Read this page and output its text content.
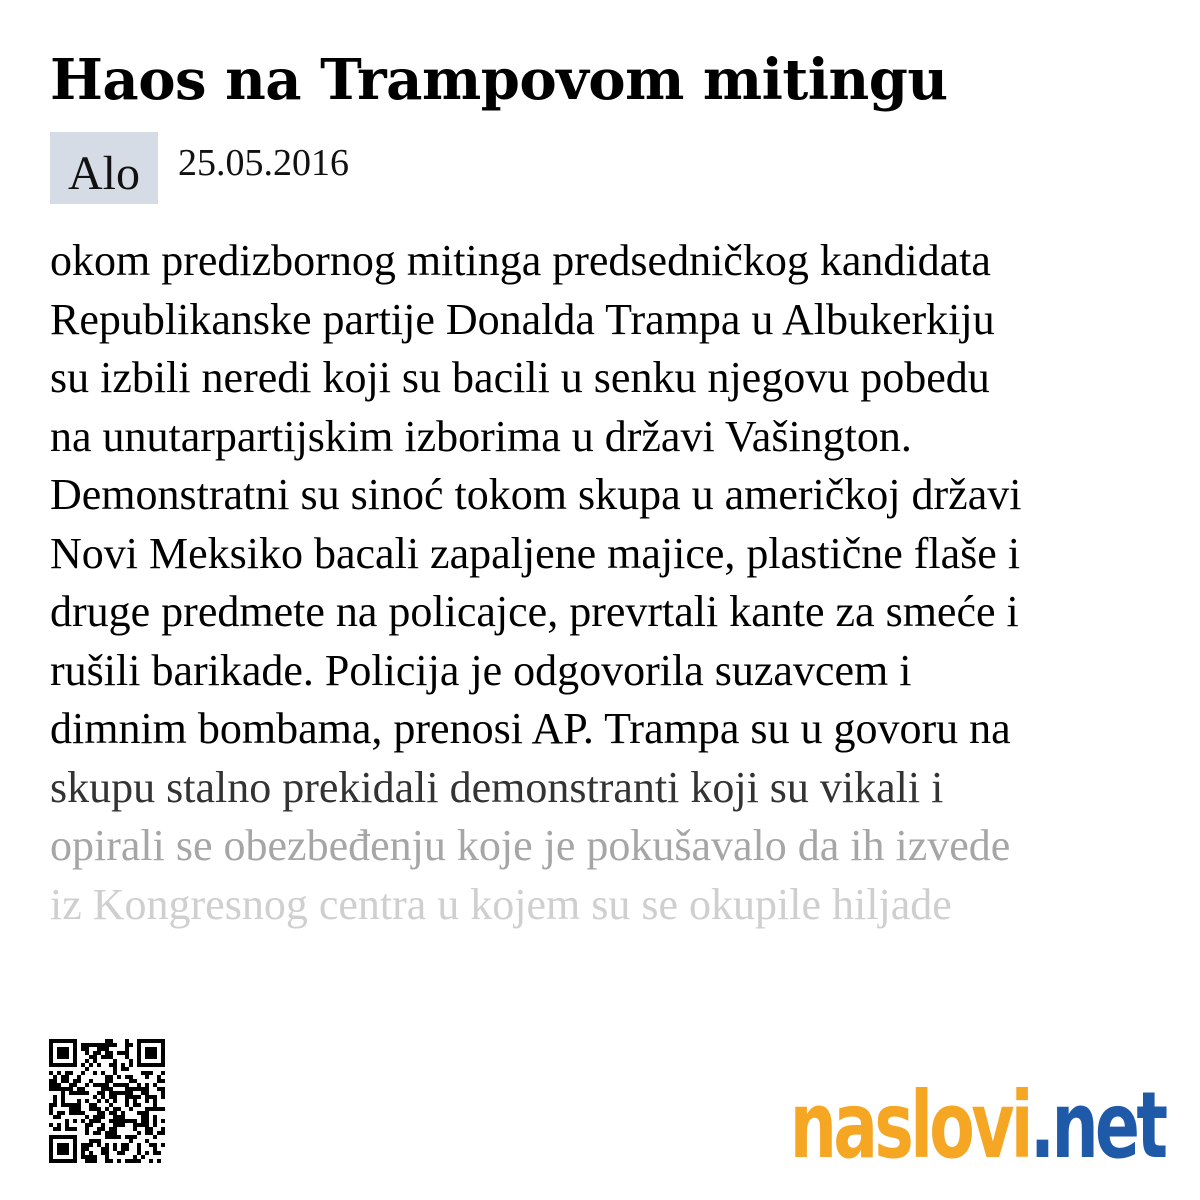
Haos na Trampovom mitingu
Alo	25.05.2016
okom predizbornog mitinga predsedničkog kandidata
Republikanske partije Donalda Trampa u Albukerkiju
su izbili neredi koji su bacili u senku njegovu pobedu
na unutarpartijskim izborima u državi Vašington.
Demonstratni su sinoć tokom skupa u američkoj državi
Novi Meksiko bacali zapaljene majice, plastične flaše i
druge predmete na policajce, prevrtali kante za smeće i
rušili barikade. Policija je odgovorila suzavcem i
dimnim bombama, prenosi AP. Trampa su u govoru na
skupu stalno prekidali demonstranti koji su vikali i
opirali se obezbeđenju koje je pokušavalo da ih izvede
iz Kongresnog centra u kojem su se okupile hiljade
naslovi .net
